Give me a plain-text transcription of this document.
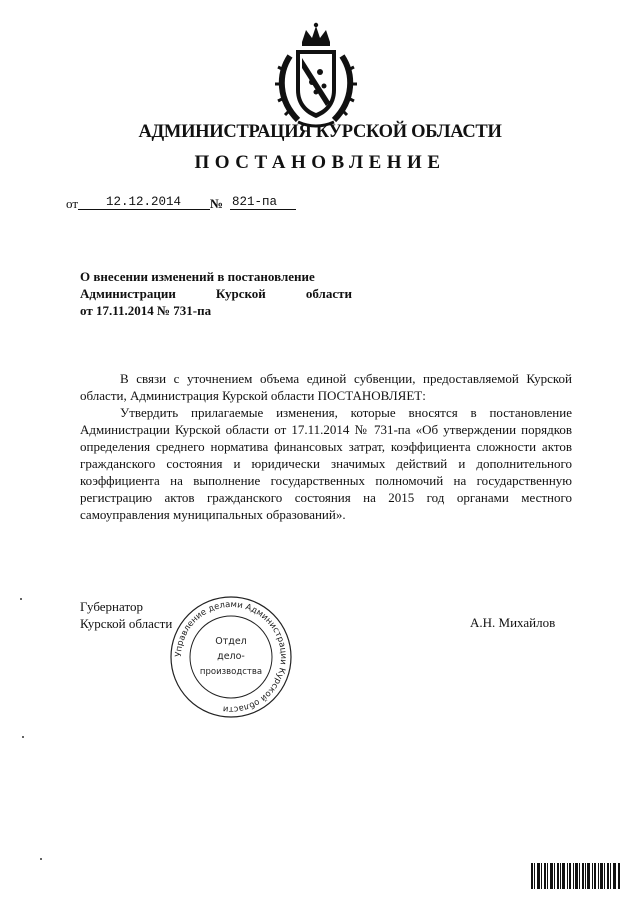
АДМИНИСТРАЦИЯ КУРСКОЙ ОБЛАСТИ
ПОСТАНОВЛЕНИЕ
от 12.12.2014 № 821-па
О внесении изменений в постановление
Администрации Курской области
от 17.11.2014 № 731-па

В связи с уточнением объема единой субвенции, предоставляемой Курской области, Администрация Курской области ПОСТАНОВЛЯЕТ:

Утвердить прилагаемые изменения, которые вносятся в постановление Администрации Курской области от 17.11.2014 № 731-па «Об утверждении порядков определения среднего норматива финансовых затрат, коэффициента сложности актов гражданского состояния и юридически значимых действий и дополнительного коэффициента на выполнение государственных полномочий на государственную регистрацию актов гражданского состояния на 2015 год органами местного самоуправления муниципальных образований».

Губернатор
Курской области	А.Н. Михайлов
Управление делами Администрации Курской области
Отдел
дело-
производства
